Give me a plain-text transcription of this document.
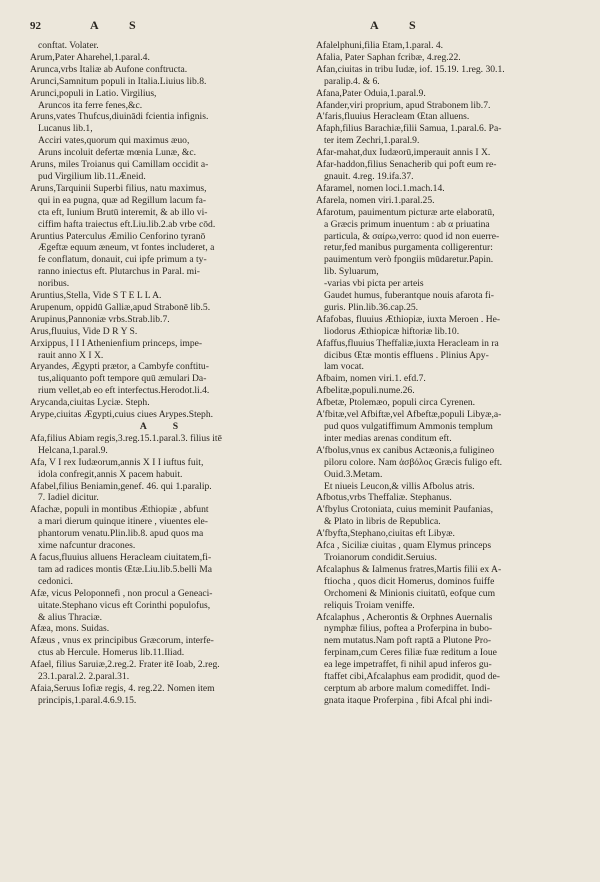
92	A S	A S

conftat. Volater.

Arum,Pater Aharehel,1.paral.4.

Arunca,vrbs Italiæ ab Aufone conftructa.

Arunci,Samnitum populi in Italia.Liuius lib.8.

Arunci,populi in Latio. Virgilius,

Aruncos ita ferre fenes,&c.

Aruns,vates Thufcus,diuinādi fcientia infignis.

Lucanus lib.1,

Acciri vates,quorum qui maximus æuo,

Aruns incoluit defertæ mœnia Lunæ, &c.

Aruns, miles Troianus qui Camillam occidit a-

pud Virgilium lib.11.Æneid.

Aruns,Tarquinii Superbi filius, natu maximus,

qui in ea pugna, quæ ad Regillum lacum fa-

cta eft, Iunium Brutū interemit, & ab illo vi-

ciffim hafta traiectus eft.Liu.lib.2.ab vrbe cōd.

Aruntius Paterculus Æmilio Cenforino tyranō

Ægeftæ equum æneum, vt fontes includeret, a

fe conflatum, donauit, cui ipfe primum a ty-

ranno iniectus eft. Plutarchus in Paral. mi-

noribus.

Aruntius,Stella, Vide S T E L L A.

Arupenum, oppidū Galliæ,apud Strabonē lib.5.

Arupinus,Pannoniæ vrbs.Strab.lib.7.

Arus,fluuius, Vide D R Y S.

Arxippus, I I I Athenienfium princeps, impe-

rauit anno X I X.

Aryandes, Ægypti prætor, a Cambyfe conftitu-

tus,aliquanto poft tempore quū æmulari Da-

rium vellet,ab eo eft interfectus.Herodot.li.4.

Arycanda,ciuitas Lyciæ. Steph.

Arype,ciuitas Ægypti,cuius ciues Arypes.Steph.

A S

Afa,filius Abiam regis,3.reg.15.1.paral.3. filius itē

Helcana,1.paral.9.

Afa, V I rex Iudæorum,annis X I I iuftus fuit,

idola confregit,annis X pacem habuit.

Afabel,filius Beniamin,genef. 46. qui 1.paralip.

7. Iadiel dicitur.

Afachæ, populi in montibus Æthiopiæ , abfunt

a mari dierum quinque itinere , viuentes ele-

phantorum venatu.Plin.lib.8. apud quos ma

xime nafcuntur dracones.

A facus,fluuius alluens Heracleam ciuitatem,fi-

tam ad radices montis Œtæ.Liu.lib.5.belli Ma

cedonici.

Afæ, vicus Peloponnefi , non procul a Geneaci-

uitate.Stephano vicus eft Corinthi populofus,

& alius Thraciæ.

Afæa, mons. Suidas.

Afæus , vnus ex principibus Græcorum, interfe-

ctus ab Hercule. Homerus lib.11.Iliad.

Afael, filius Saruiæ,2.reg.2. Frater itē Ioab, 2.reg.

23.1.paral.2. 2.paral.31.

Afaia,Seruus Iofiæ regis, 4. reg.22. Nomen item

principis,1.paral.4.6.9.15.

Afalelphuni,filia Etam,1.paral. 4.

Afalia, Pater Saphan fcribæ, 4.reg.22.

Afan,ciuitas in tribu Iudæ, iof. 15.19. 1.reg. 30.1.

paralip.4. & 6.

Afana,Pater Oduia,1.paral.9.

Afander,viri proprium, apud Strabonem lib.7.

A'faris,fluuius Heracleam Œtan alluens.

Afaph,filius Barachiæ,filii Samua, 1.paral.6. Pa-

ter item Zechri,1.paral.9.

Afar-mahat,dux Iudæorū,imperauit annis I X.

Afar-haddon,filius Senacherib qui poft eum re-

gnauit. 4.reg. 19.ifa.37.

Afaramel, nomen loci.1.mach.14.

Afarela, nomen viri.1.paral.25.

Afarotum, pauimentum picturæ arte elaboratū,

a Græcis primum inuentum : ab α priuatina

particula, & σαίρω,verro: quod id non euerre-

retur,fed manibus purgamenta colligerentur:

pauimentum verò fpongiis mūdaretur.Papin.

lib. Syluarum,

-varias vbi picta per arteis

Gaudet humus, fuberantque nouis afarota fi-

guris. Plin.lib.36.cap.25.

Afafobas, fluuius Æthiopiæ, iuxta Meroen . He-

liodorus Æthiopicæ hiftoriæ lib.10.

Afaffus,fluuius Theffaliæ,iuxta Heracleam in ra

dicibus Œtæ montis effluens . Plinius Apy-

lam vocat.

Afbaim, nomen viri.1. efd.7.

Afbelitæ,populi.nume.26.

Afbetæ, Ptolemæo, populi circa Cyrenen.

A'fbitæ,vel Afbiftæ,vel Afbeftæ,populi Libyæ,a-

pud quos vulgatiffimum Ammonis templum

inter medias arenas conditum eft.

A'fbolus,vnus ex canibus Actæonis,a fuligineo

piloru colore. Nam ἀσβόλος Græcis fuligo eft.

Ouid.3.Metam.

Et niueis Leucon,& villis Afbolus atris.

Afbotus,vrbs Theffaliæ. Stephanus.

A'fbylus Crotoniata, cuius meminit Paufanias,

& Plato in libris de Republica.

A'fbyfta,Stephano,ciuitas eft Libyæ.

Afca , Siciliæ ciuitas , quam Elymus princeps

Troianorum condidit.Seruius.

Afcalaphus & Ialmenus fratres,Martis filii ex A-

ftiocha , quos dicit Homerus, dominos fuiffe

Orchomeni & Minionis ciuitatū, eofque cum

reliquis Troiam veniffe.

Afcalaphus , Acherontis & Orphnes Auernalis

nymphæ filius, poftea a Proferpina in bubo-

nem mutatus.Nam poft raptā a Plutone Pro-

ferpinam,cum Ceres filiæ fuæ reditum a Ioue

ea lege impetraffet, fi nihil apud inferos gu-

ftaffet cibi,Afcalaphus eam prodidit, quod de-

cerptum ab arbore malum comediffet. Indi-

gnata itaque Proferpina , fibi Afcal phi indi-
